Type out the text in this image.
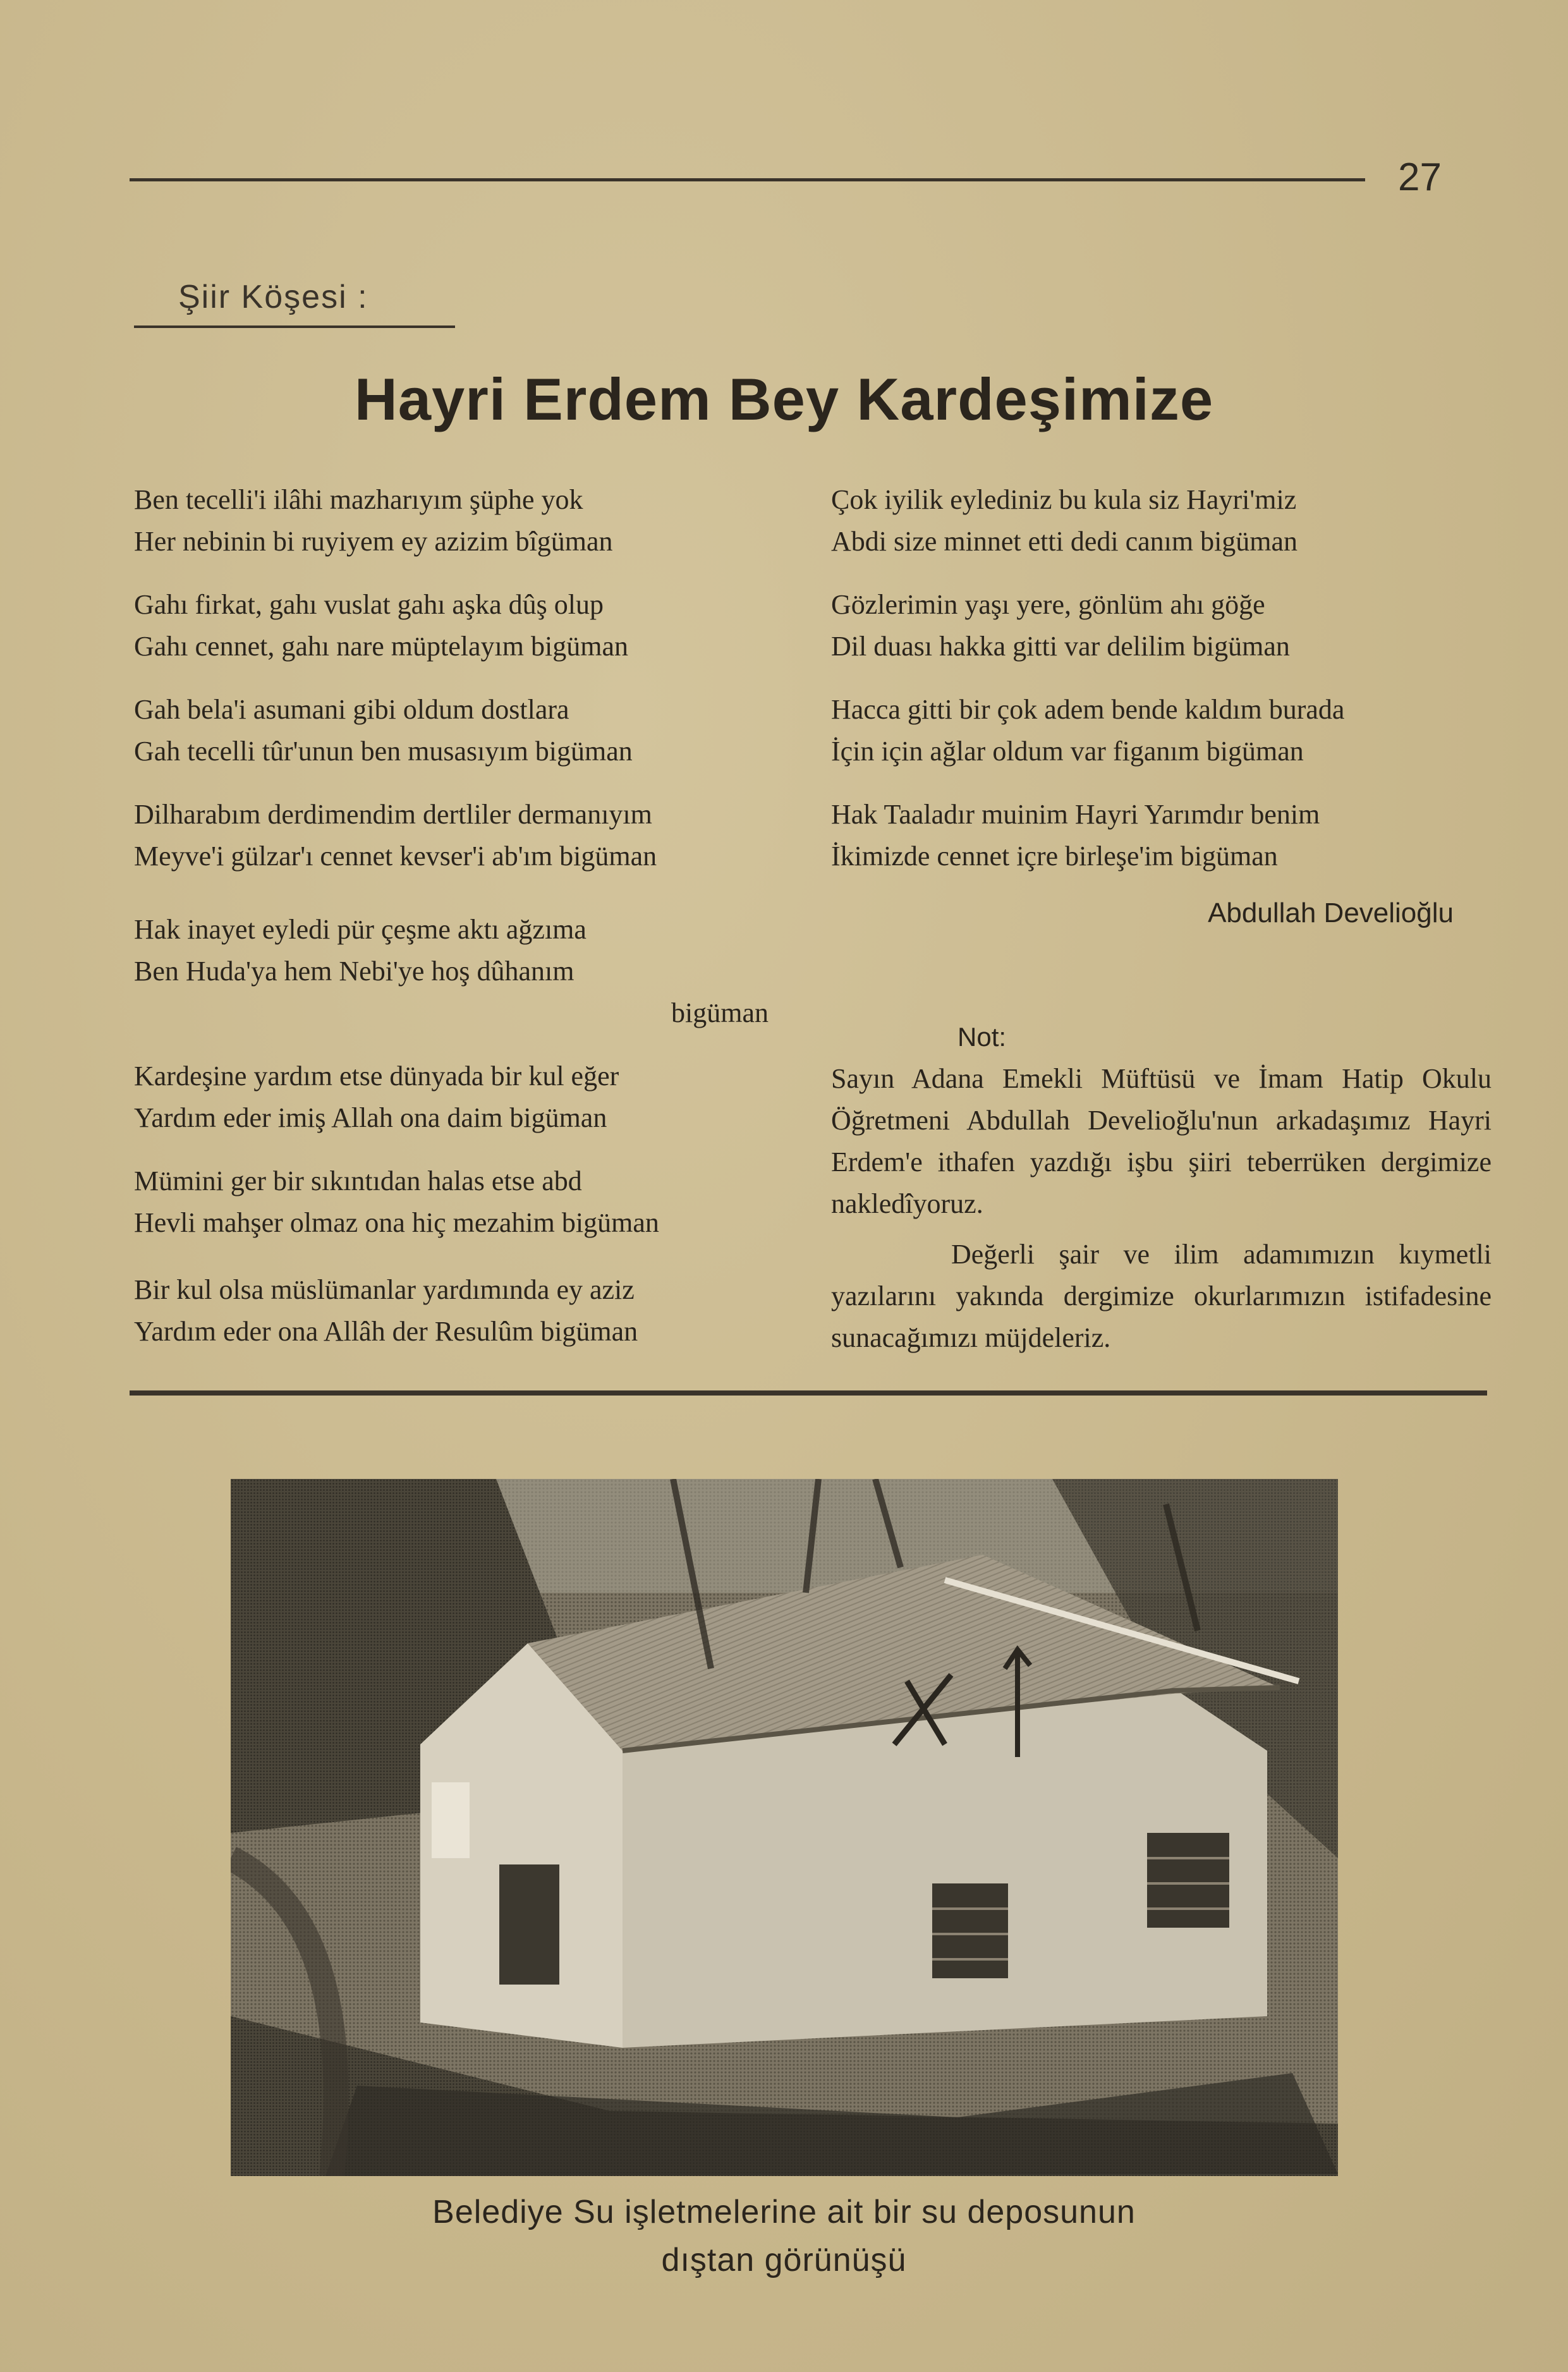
27
Şiir Köşesi :
Hayri Erdem Bey Kardeşimize
Ben tecelli'i ilâhi mazharıyım şüphe yok
Her nebinin bi ruyiyem ey azizim bîgüman
Gahı firkat, gahı vuslat gahı aşka dûş olup
Gahı cennet, gahı nare müptelayım bigüman
Gah bela'i asumani gibi oldum dostlara
Gah tecelli tûr'unun ben musasıyım bigüman
Dilharabım derdimendim dertliler dermanıyım
Meyve'i gülzar'ı cennet kevser'i ab'ım bigüman
Hak inayet eyledi pür çeşme aktı ağzıma
Ben Huda'ya hem Nebi'ye hoş dûhanım
bigüman
Kardeşine yardım etse dünyada bir kul eğer
Yardım eder imiş Allah ona daim bigüman
Mümini ger bir sıkıntıdan halas etse abd
Hevli mahşer olmaz ona hiç mezahim bigüman
Bir kul olsa müslümanlar yardımında ey aziz
Yardım eder ona Allâh der Resulûm bigüman
Çok iyilik eylediniz bu kula siz Hayri'miz
Abdi size minnet etti dedi canım bigüman
Gözlerimin yaşı yere, gönlüm ahı göğe
Dil duası hakka gitti var delilim bigüman
Hacca gitti bir çok adem bende kaldım burada
İçin için ağlar oldum var figanım bigüman
Hak Taaladır muinim Hayri Yarımdır benim
İkimizde cennet içre birleşe'im bigüman
Abdullah Develioğlu
Not:
Sayın Adana Emekli Müftüsü ve İmam Hatip Okulu Öğretmeni Abdullah Develioğlu'nun arkadaşımız Hayri Erdem'e ithafen yazdığı işbu şiiri teberrüken dergimize nakledîyoruz.
Değerli şair ve ilim adamımızın kıymetli yazılarını yakında dergimize okurlarımızın istifadesine sunacağımızı müjdeleriz.
Belediye Su işletmelerine ait bir su deposunun
dıştan görünüşü
